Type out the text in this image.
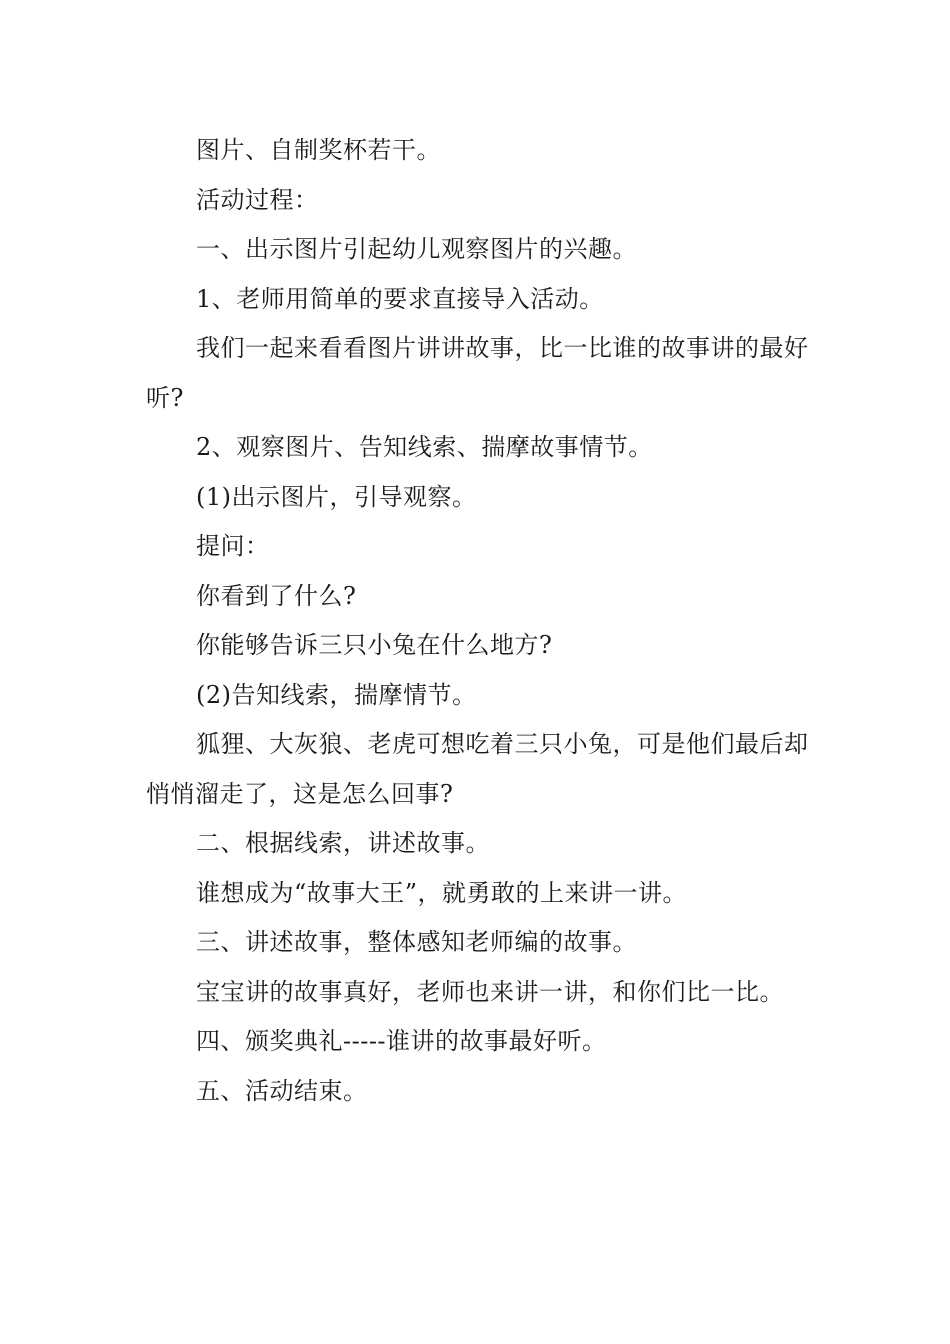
图片、自制奖杯若干。

活动过程：

一、出示图片引起幼儿观察图片的兴趣。

1、老师用简单的要求直接导入活动。

我们一起来看看图片讲讲故事，比一比谁的故事讲的最好听?

2、观察图片、告知线索、揣摩故事情节。

(1)出示图片，引导观察。

提问：

你看到了什么?

你能够告诉三只小兔在什么地方?

(2)告知线索，揣摩情节。

狐狸、大灰狼、老虎可想吃着三只小兔，可是他们最后却悄悄溜走了，这是怎么回事?

二、根据线索，讲述故事。

谁想成为“故事大王”，就勇敢的上来讲一讲。

三、讲述故事，整体感知老师编的故事。

宝宝讲的故事真好，老师也来讲一讲，和你们比一比。

四、颁奖典礼-----谁讲的故事最好听。

五、活动结束。
